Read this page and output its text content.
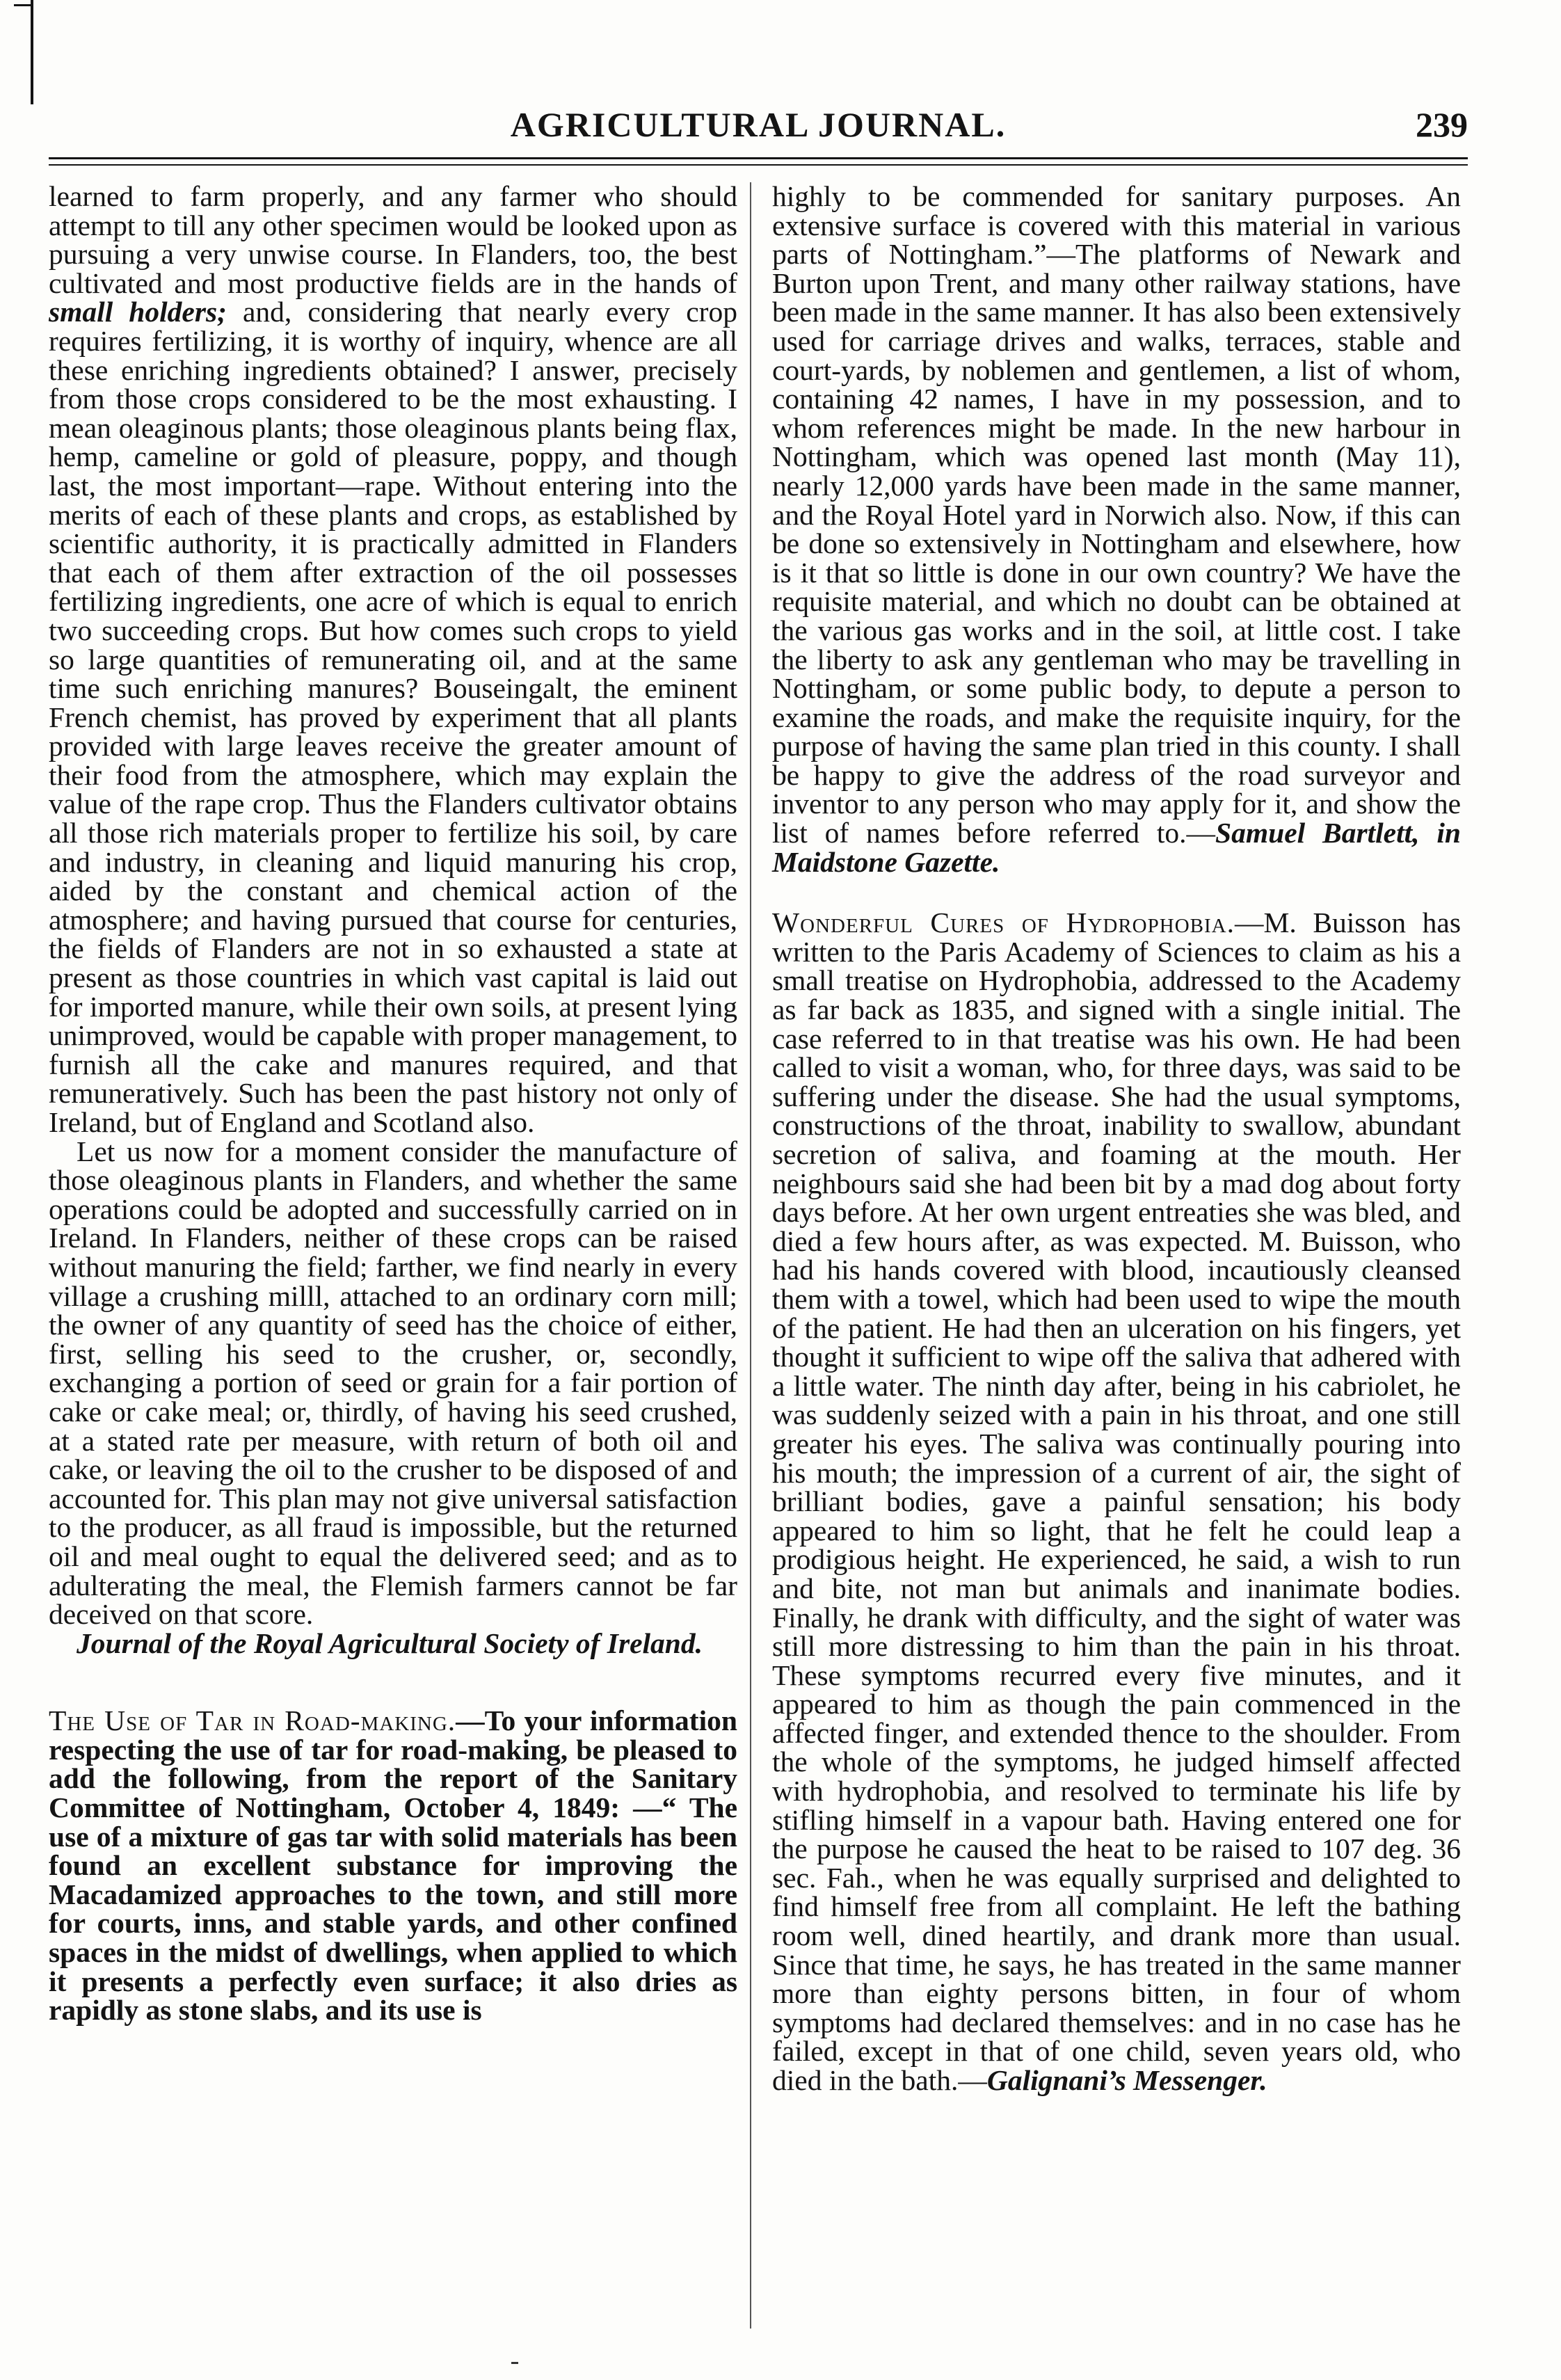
AGRICULTURAL JOURNAL.	239

learned to farm properly, and any farmer who should attempt to till any other specimen would be looked upon as pursuing a very unwise course. In Flanders, too, the best cultivated and most productive fields are in the hands of small holders; and, considering that nearly every crop requires fertilizing, it is worthy of inquiry, whence are all these enriching ingredients obtained? I answer, precisely from those crops considered to be the most exhausting. I mean oleaginous plants; those oleaginous plants being flax, hemp, cameline or gold of pleasure, poppy, and though last, the most important—rape. Without entering into the merits of each of these plants and crops, as established by scientific authority, it is practically admitted in Flanders that each of them after extraction of the oil possesses fertilizing ingredients, one acre of which is equal to enrich two succeeding crops. But how comes such crops to yield so large quantities of remunerating oil, and at the same time such enriching manures? Bouseingalt, the eminent French chemist, has proved by experiment that all plants provided with large leaves receive the greater amount of their food from the atmosphere, which may explain the value of the rape crop. Thus the Flanders cultivator obtains all those rich materials proper to fertilize his soil, by care and industry, in cleaning and liquid manuring his crop, aided by the constant and chemical action of the atmosphere; and having pursued that course for centuries, the fields of Flanders are not in so exhausted a state at present as those countries in which vast capital is laid out for imported manure, while their own soils, at present lying unimproved, would be capable with proper management, to furnish all the cake and manures required, and that remuneratively. Such has been the past history not only of Ireland, but of England and Scotland also.

Let us now for a moment consider the manufacture of those oleaginous plants in Flanders, and whether the same operations could be adopted and successfully carried on in Ireland. In Flanders, neither of these crops can be raised without manuring the field; farther, we find nearly in every village a crushing milll, attached to an ordinary corn mill; the owner of any quantity of seed has the choice of either, first, selling his seed to the crusher, or, secondly, exchanging a portion of seed or grain for a fair portion of cake or cake meal; or, thirdly, of having his seed crushed, at a stated rate per measure, with return of both oil and cake, or leaving the oil to the crusher to be disposed of and accounted for. This plan may not give universal satisfaction to the producer, as all fraud is impossible, but the returned oil and meal ought to equal the delivered seed; and as to adulterating the meal, the Flemish farmers cannot be far deceived on that score.

Journal of the Royal Agricultural Society of Ireland.

The Use of Tar in Road-making.—To your information respecting the use of tar for road-making, be pleased to add the following, from the report of the Sanitary Committee of Nottingham, October 4, 1849: —“ The use of a mixture of gas tar with solid materials has been found an excellent substance for improving the Macadamized approaches to the town, and still more for courts, inns, and stable yards, and other confined spaces in the midst of dwellings, when applied to which it presents a perfectly even surface; it also dries as rapidly as stone slabs, and its use is

highly to be commended for sanitary purposes. An extensive surface is covered with this material in various parts of Nottingham.”—The platforms of Newark and Burton upon Trent, and many other railway stations, have been made in the same manner. It has also been extensively used for carriage drives and walks, terraces, stable and court-yards, by noblemen and gentlemen, a list of whom, containing 42 names, I have in my possession, and to whom references might be made. In the new harbour in Nottingham, which was opened last month (May 11), nearly 12,000 yards have been made in the same manner, and the Royal Hotel yard in Norwich also. Now, if this can be done so extensively in Nottingham and elsewhere, how is it that so little is done in our own country? We have the requisite material, and which no doubt can be obtained at the various gas works and in the soil, at little cost. I take the liberty to ask any gentleman who may be travelling in Nottingham, or some public body, to depute a person to examine the roads, and make the requisite inquiry, for the purpose of having the same plan tried in this county. I shall be happy to give the address of the road surveyor and inventor to any person who may apply for it, and show the list of names before referred to.—Samuel Bartlett, in Maidstone Gazette.

Wonderful Cures of Hydrophobia.—M. Buisson has written to the Paris Academy of Sciences to claim as his a small treatise on Hydrophobia, addressed to the Academy as far back as 1835, and signed with a single initial. The case referred to in that treatise was his own. He had been called to visit a woman, who, for three days, was said to be suffering under the disease. She had the usual symptoms, constructions of the throat, inability to swallow, abundant secretion of saliva, and foaming at the mouth. Her neighbours said she had been bit by a mad dog about forty days before. At her own urgent entreaties she was bled, and died a few hours after, as was expected. M. Buisson, who had his hands covered with blood, incautiously cleansed them with a towel, which had been used to wipe the mouth of the patient. He had then an ulceration on his fingers, yet thought it sufficient to wipe off the saliva that adhered with a little water. The ninth day after, being in his cabriolet, he was suddenly seized with a pain in his throat, and one still greater his eyes. The saliva was continually pouring into his mouth; the impression of a current of air, the sight of brilliant bodies, gave a painful sensation; his body appeared to him so light, that he felt he could leap a prodigious height. He experienced, he said, a wish to run and bite, not man but animals and inanimate bodies. Finally, he drank with difficulty, and the sight of water was still more distressing to him than the pain in his throat. These symptoms recurred every five minutes, and it appeared to him as though the pain commenced in the affected finger, and extended thence to the shoulder. From the whole of the symptoms, he judged himself affected with hydrophobia, and resolved to terminate his life by stifling himself in a vapour bath. Having entered one for the purpose he caused the heat to be raised to 107 deg. 36 sec. Fah., when he was equally surprised and delighted to find himself free from all complaint. He left the bathing room well, dined heartily, and drank more than usual. Since that time, he says, he has treated in the same manner more than eighty persons bitten, in four of whom symptoms had declared themselves: and in no case has he failed, except in that of one child, seven years old, who died in the bath.—Galignani’s Messenger.
